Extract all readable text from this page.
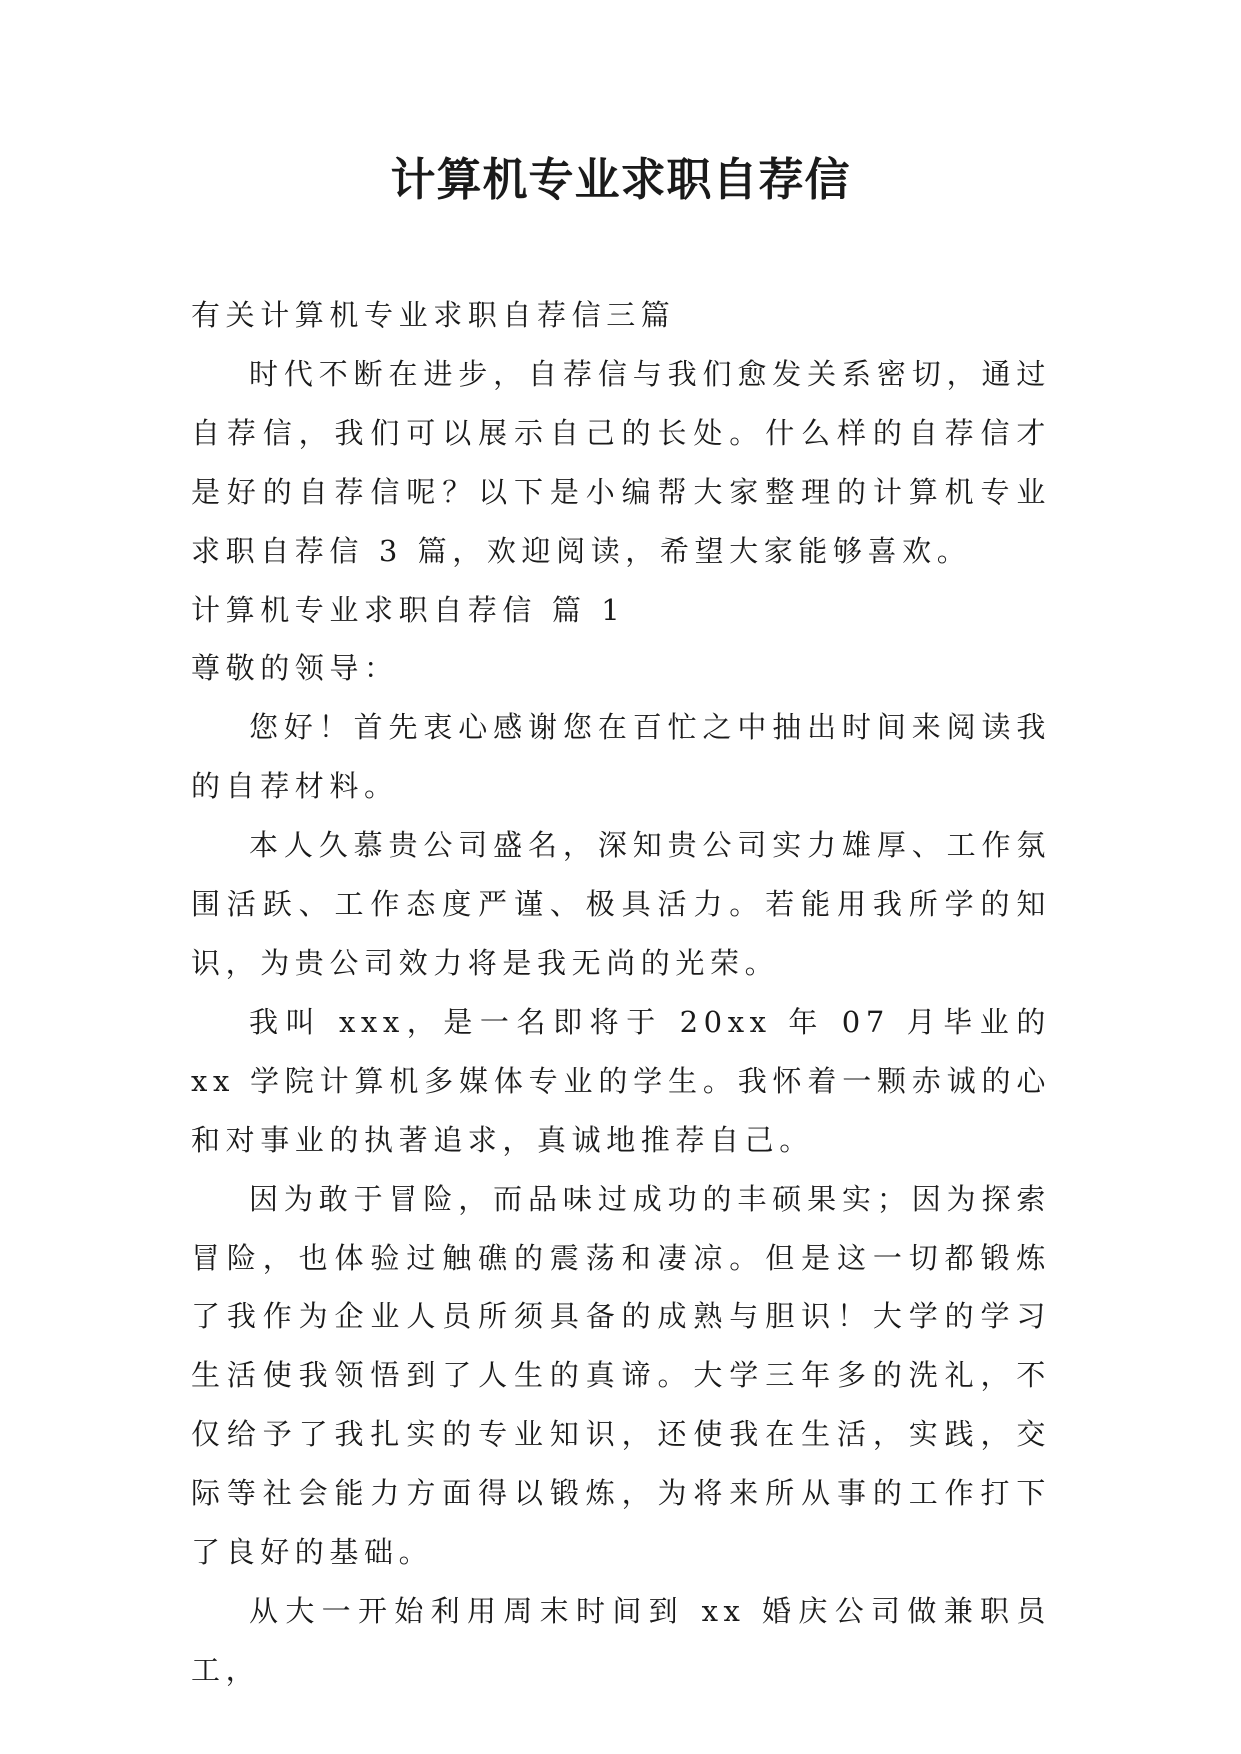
计算机专业求职自荐信

有关计算机专业求职自荐信三篇

时代不断在进步，自荐信与我们愈发关系密切，通过自荐信，我们可以展示自己的长处。什么样的自荐信才是好的自荐信呢？以下是小编帮大家整理的计算机专业求职自荐信 3 篇，欢迎阅读，希望大家能够喜欢。

计算机专业求职自荐信 篇 1

尊敬的领导：

您好！首先衷心感谢您在百忙之中抽出时间来阅读我的自荐材料。

本人久慕贵公司盛名，深知贵公司实力雄厚、工作氛围活跃、工作态度严谨、极具活力。若能用我所学的知识，为贵公司效力将是我无尚的光荣。

我叫 xxx，是一名即将于 20xx 年 07 月毕业的 xx 学院计算机多媒体专业的学生。我怀着一颗赤诚的心和对事业的执著追求，真诚地推荐自己。

因为敢于冒险，而品味过成功的丰硕果实；因为探索冒险，也体验过触礁的震荡和凄凉。但是这一切都锻炼了我作为企业人员所须具备的成熟与胆识！大学的学习生活使我领悟到了人生的真谛。大学三年多的洗礼，不仅给予了我扎实的专业知识，还使我在生活，实践，交际等社会能力方面得以锻炼，为将来所从事的工作打下了良好的基础。

从大一开始利用周末时间到 xx 婚庆公司做兼职员工，
